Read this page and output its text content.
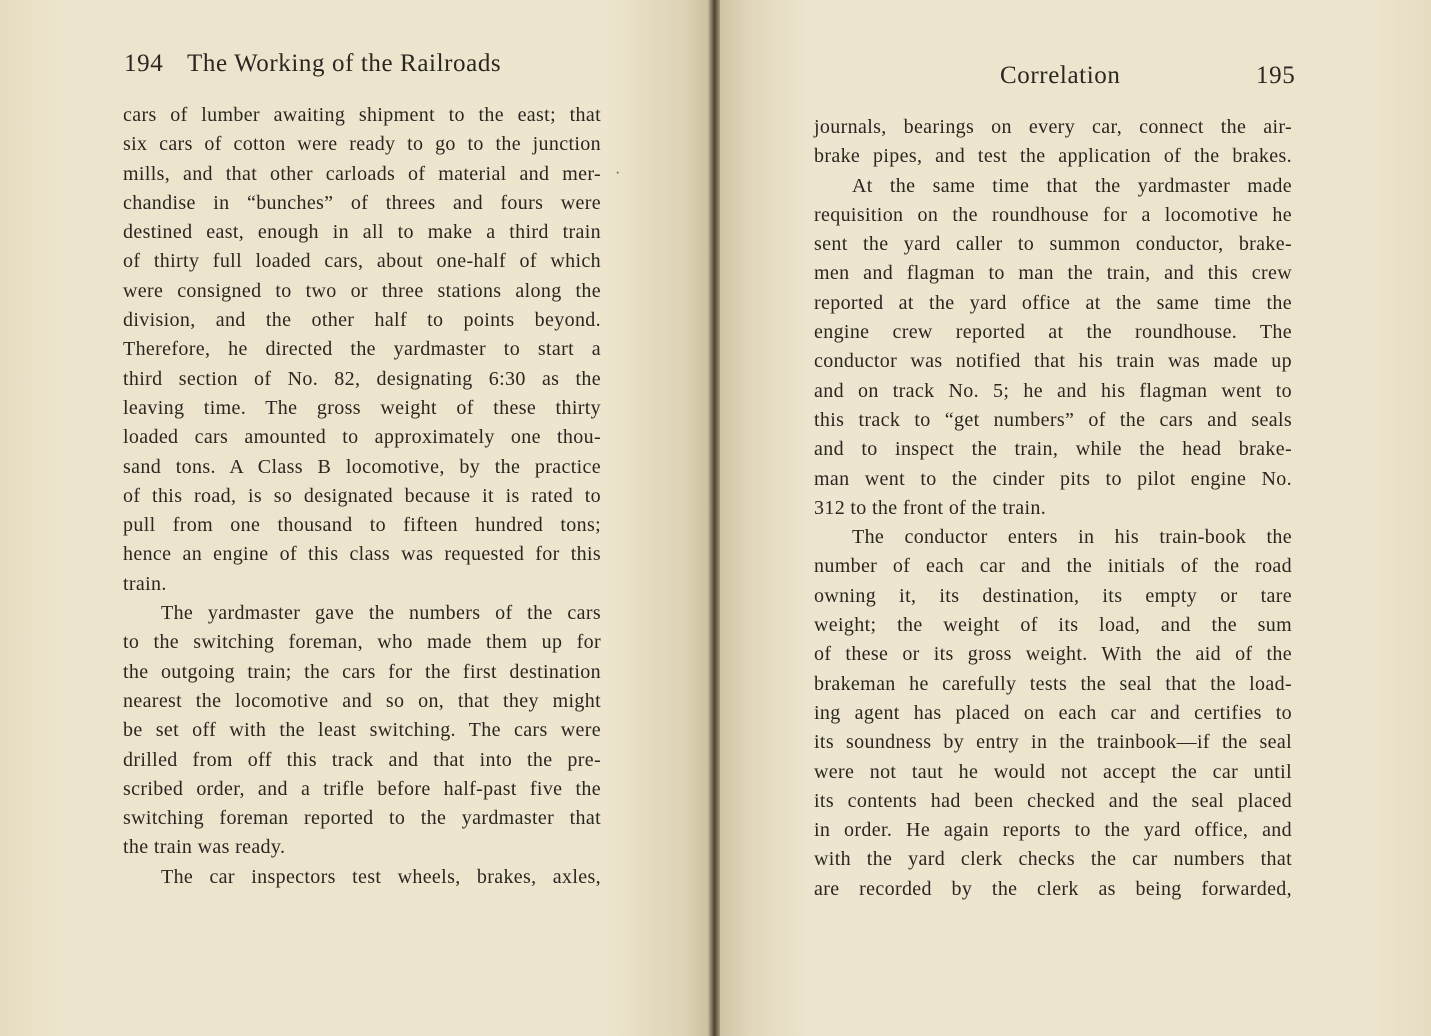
194 The Working of the Railroads
cars of lumber awaiting shipment to the east; that
six cars of cotton were ready to go to the junction
mills, and that other carloads of material and mer-
chandise in “bunches” of threes and fours were
destined east, enough in all to make a third train
of thirty full loaded cars, about one-half of which
were consigned to two or three stations along the
division, and the other half to points beyond.
Therefore, he directed the yardmaster to start a
third section of No. 82, designating 6:30 as the
leaving time. The gross weight of these thirty
loaded cars amounted to approximately one thou-
sand tons. A Class B locomotive, by the practice
of this road, is so designated because it is rated to
pull from one thousand to fifteen hundred tons;
hence an engine of this class was requested for this
train.
The yardmaster gave the numbers of the cars
to the switching foreman, who made them up for
the outgoing train; the cars for the first destination
nearest the locomotive and so on, that they might
be set off with the least switching. The cars were
drilled from off this track and that into the pre-
scribed order, and a trifle before half-past five the
switching foreman reported to the yardmaster that
the train was ready.
The car inspectors test wheels, brakes, axles,
·
Correlation	195
journals, bearings on every car, connect the air-
brake pipes, and test the application of the brakes.
At the same time that the yardmaster made
requisition on the roundhouse for a locomotive he
sent the yard caller to summon conductor, brake-
men and flagman to man the train, and this crew
reported at the yard office at the same time the
engine crew reported at the roundhouse. The
conductor was notified that his train was made up
and on track No. 5; he and his flagman went to
this track to “get numbers” of the cars and seals
and to inspect the train, while the head brake-
man went to the cinder pits to pilot engine No.
312 to the front of the train.
The conductor enters in his train-book the
number of each car and the initials of the road
owning it, its destination, its empty or tare
weight; the weight of its load, and the sum
of these or its gross weight. With the aid of the
brakeman he carefully tests the seal that the load-
ing agent has placed on each car and certifies to
its soundness by entry in the trainbook—if the seal
were not taut he would not accept the car until
its contents had been checked and the seal placed
in order. He again reports to the yard office, and
with the yard clerk checks the car numbers that
are recorded by the clerk as being forwarded,
